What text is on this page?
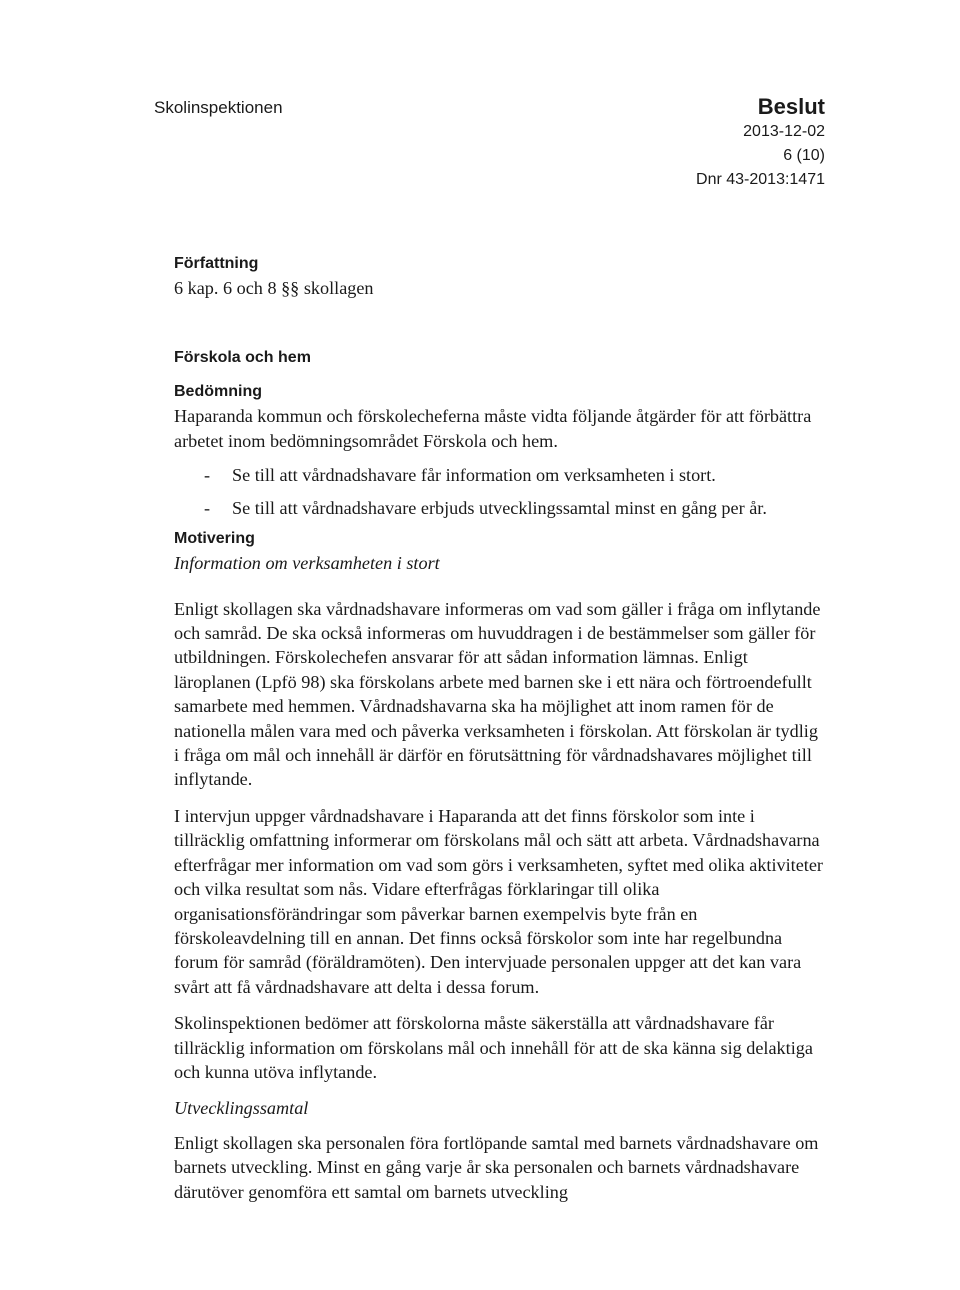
Skolinspektionen	Beslut
2013-12-02
6 (10)
Dnr 43-2013:1471
Författning

6 kap. 6 och 8 §§ skollagen

Förskola och hem
Bedömning

Haparanda kommun och förskolecheferna måste vidta följande åtgärder för att förbättra arbetet inom bedömningsområdet Förskola och hem.

- Se till att vårdnadshavare får information om verksamheten i stort.
- Se till att vårdnadshavare erbjuds utvecklingssamtal minst en gång per år.
Motivering

Information om verksamheten i stort

Enligt skollagen ska vårdnadshavare informeras om vad som gäller i fråga om inflytande och samråd. De ska också informeras om huvuddragen i de bestämmelser som gäller för utbildningen. Förskolechefen ansvarar för att sådan information lämnas. Enligt läroplanen (Lpfö 98) ska förskolans arbete med barnen ske i ett nära och förtroendefullt samarbete med hemmen. Vårdnadshavarna ska ha möjlighet att inom ramen för de nationella målen vara med och påverka verksamheten i förskolan. Att förskolan är tydlig i fråga om mål och innehåll är därför en förutsättning för vårdnadshavares möjlighet till inflytande.

I intervjun uppger vårdnadshavare i Haparanda att det finns förskolor som inte i tillräcklig omfattning informerar om förskolans mål och sätt att arbeta. Vårdnadshavarna efterfrågar mer information om vad som görs i verksamheten, syftet med olika aktiviteter och vilka resultat som nås. Vidare efterfrågas förklaringar till olika organisationsförändringar som påverkar barnen exempelvis byte från en förskoleavdelning till en annan. Det finns också förskolor som inte har regelbundna forum för samråd (föräldramöten). Den intervjuade personalen uppger att det kan vara svårt att få vårdnadshavare att delta i dessa forum.

Skolinspektionen bedömer att förskolorna måste säkerställa att vårdnadshavare får tillräcklig information om förskolans mål och innehåll för att de ska känna sig delaktiga och kunna utöva inflytande.

Utvecklingssamtal

Enligt skollagen ska personalen föra fortlöpande samtal med barnets vårdnadshavare om barnets utveckling. Minst en gång varje år ska personalen och barnets vårdnadshavare därutöver genomföra ett samtal om barnets utveckling
